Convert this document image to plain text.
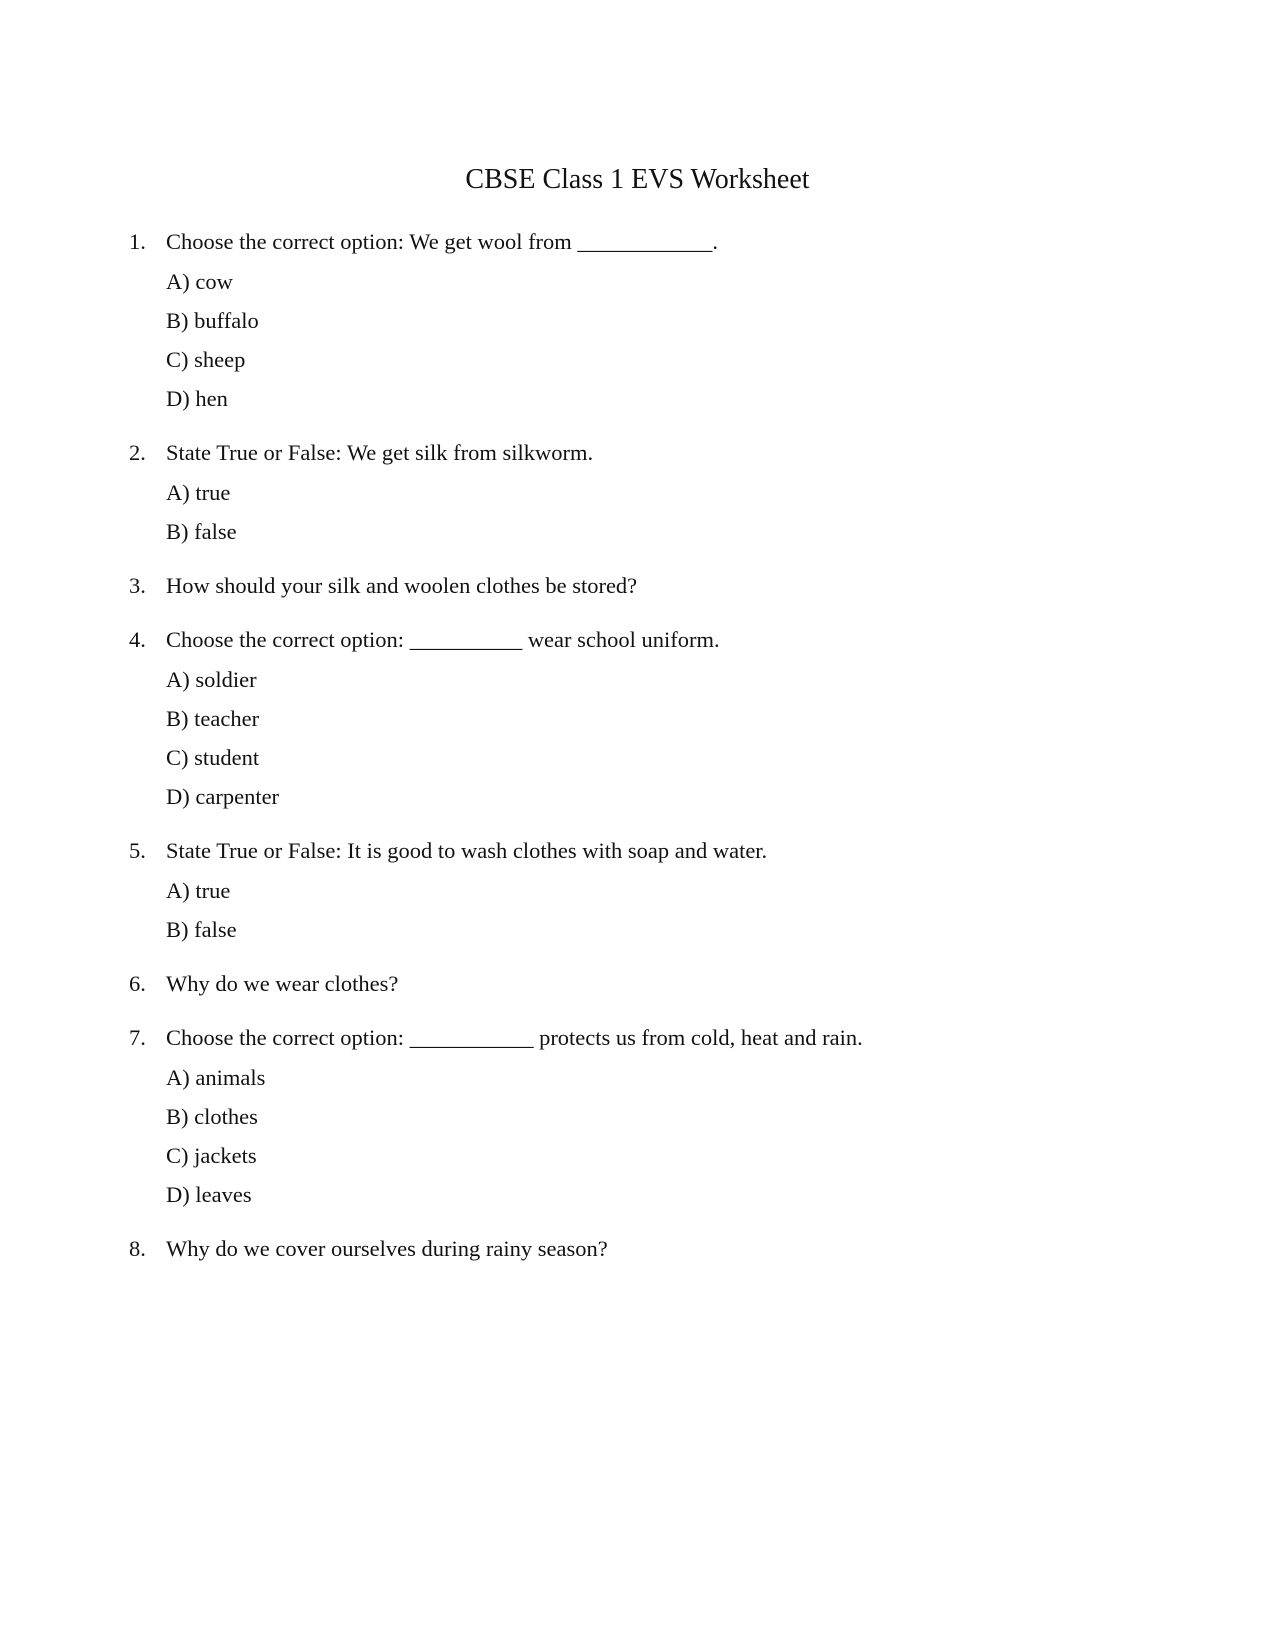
CBSE Class 1 EVS Worksheet
1. Choose the correct option: We get wool from ____________.
A) cow
B) buffalo
C) sheep
D) hen
2. State True or False: We get silk from silkworm.
A) true
B) false
3. How should your silk and woolen clothes be stored?
4. Choose the correct option: __________ wear school uniform.
A) soldier
B) teacher
C) student
D) carpenter
5. State True or False: It is good to wash clothes with soap and water.
A) true
B) false
6. Why do we wear clothes?
7. Choose the correct option: ___________ protects us from cold, heat and rain.
A) animals
B) clothes
C) jackets
D) leaves
8. Why do we cover ourselves during rainy season?
